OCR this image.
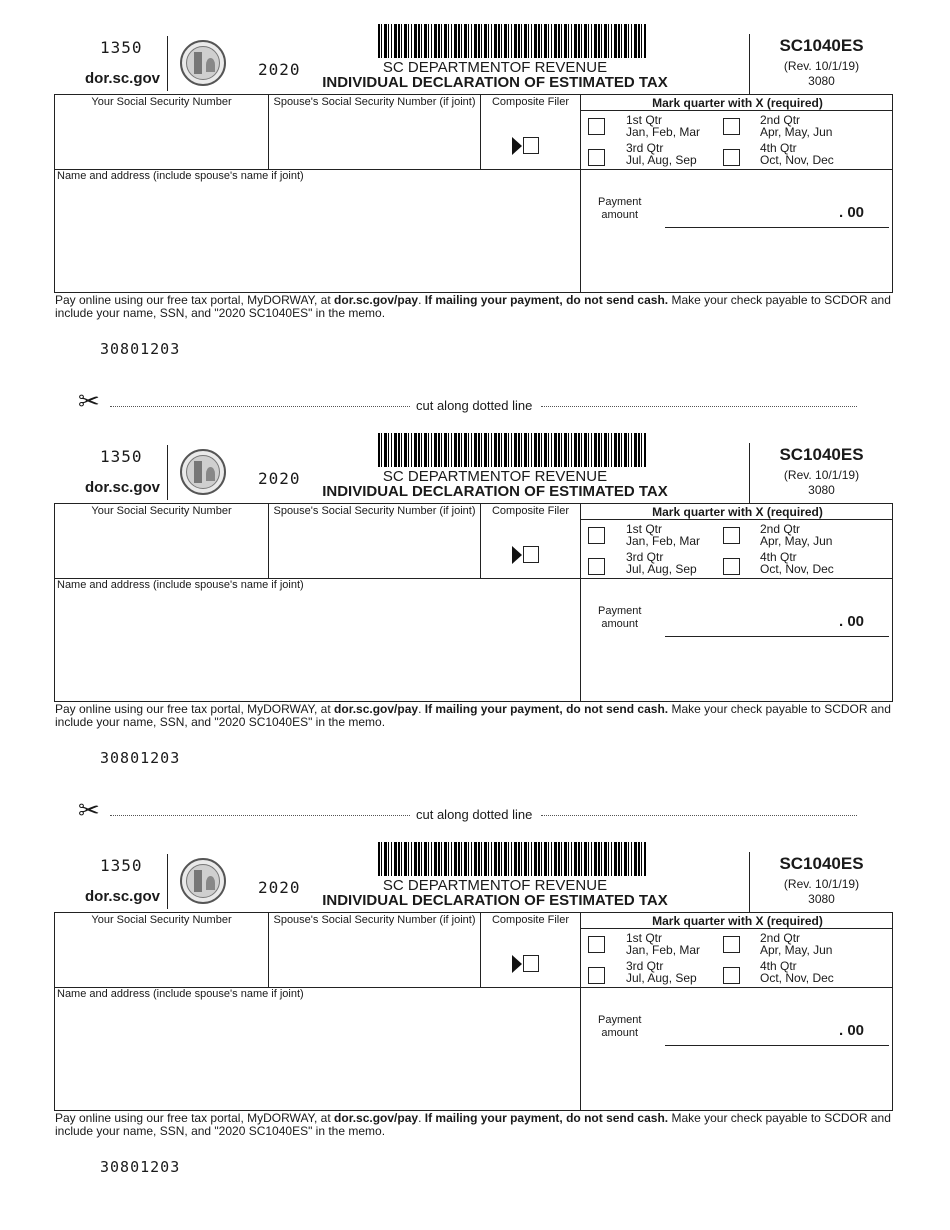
1350
dor.sc.gov	2020	SC DEPARTMENTOF REVENUE
INDIVIDUAL DECLARATION OF ESTIMATED TAX
SC1040ES
(Rev. 10/1/19)
3080
Your Social Security Number	Spouse's Social Security Number (if joint)	Composite Filer	Mark quarter with X (required)
Name and address (include spouse's name if joint)
1st Qtr
Jan, Feb, Mar
2nd Qtr
Apr, May, Jun
3rd Qtr
Jul, Aug, Sep
4th Qtr
Oct, Nov, Dec
Payment
amount	. 00
Pay online using our free tax portal, MyDORWAY, at dor.sc.gov/pay. If mailing your payment, do not send cash. Make your check payable to SCDOR and include your name, SSN, and "2020 SC1040ES" in the memo.
30801203
✂	cut along dotted line
1350
dor.sc.gov	2020	SC DEPARTMENTOF REVENUE
INDIVIDUAL DECLARATION OF ESTIMATED TAX
SC1040ES
(Rev. 10/1/19)
3080
Your Social Security Number	Spouse's Social Security Number (if joint)	Composite Filer	Mark quarter with X (required)
Name and address (include spouse's name if joint)
1st Qtr
Jan, Feb, Mar
2nd Qtr
Apr, May, Jun
3rd Qtr
Jul, Aug, Sep
4th Qtr
Oct, Nov, Dec
Payment
amount	. 00
Pay online using our free tax portal, MyDORWAY, at dor.sc.gov/pay. If mailing your payment, do not send cash. Make your check payable to SCDOR and include your name, SSN, and "2020 SC1040ES" in the memo.
30801203
✂	cut along dotted line
1350
dor.sc.gov	2020	SC DEPARTMENTOF REVENUE
INDIVIDUAL DECLARATION OF ESTIMATED TAX
SC1040ES
(Rev. 10/1/19)
3080
Your Social Security Number	Spouse's Social Security Number (if joint)	Composite Filer	Mark quarter with X (required)
Name and address (include spouse's name if joint)
1st Qtr
Jan, Feb, Mar
2nd Qtr
Apr, May, Jun
3rd Qtr
Jul, Aug, Sep
4th Qtr
Oct, Nov, Dec
Payment
amount	. 00
Pay online using our free tax portal, MyDORWAY, at dor.sc.gov/pay. If mailing your payment, do not send cash. Make your check payable to SCDOR and include your name, SSN, and "2020 SC1040ES" in the memo.
30801203
